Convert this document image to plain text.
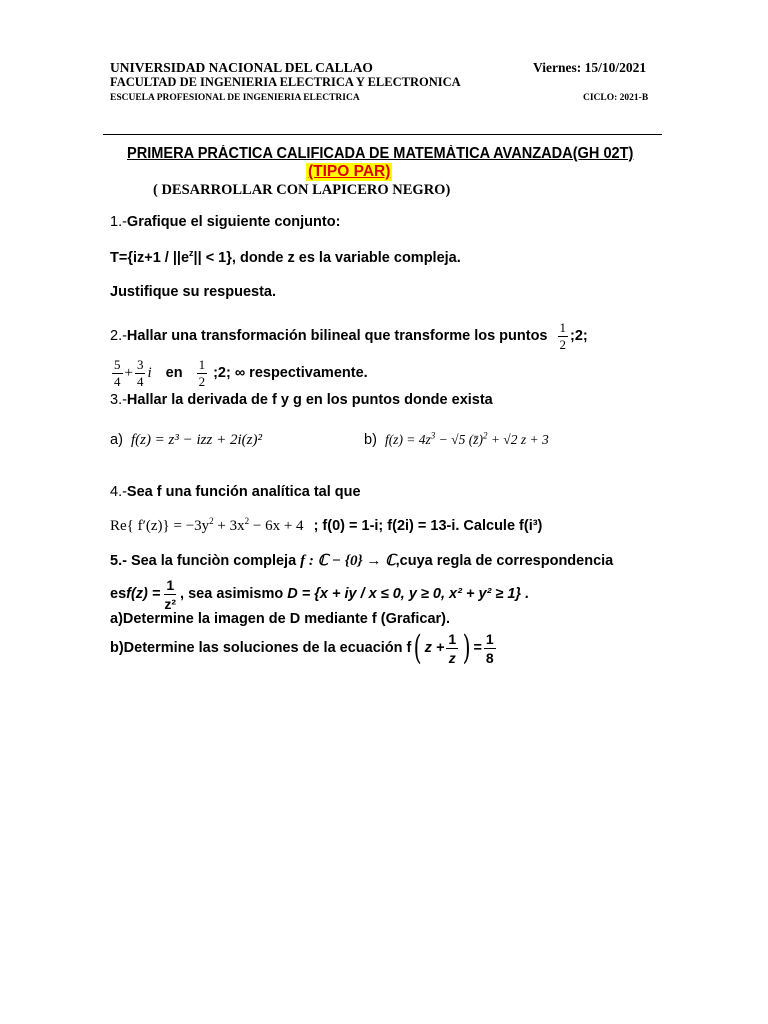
UNIVERSIDAD NACIONAL DEL CALLAO	Viernes: 15/10/2021
FACULTAD DE INGENIERIA ELECTRICA Y ELECTRONICA
ESCUELA PROFESIONAL DE INGENIERIA ELECTRICA	CICLO: 2021-B
PRIMERA PRÁCTICA CALIFICADA DE MATEMÀTICA AVANZADA(GH 02T)
(TIPO PAR)
( DESARROLLAR CON LAPICERO NEGRO)
1.-Grafique el siguiente conjunto:
$T=\{iz+1 / ||e^z|| < 1\}$, donde z es la variable compleja.
Justifique su respuesta.
2.- Hallar una transformación bilineal que transforme los puntos $\frac{1}{2}$ ;2;
$\frac{5}{4} + \frac{3}{4}$ i en $\frac{1}{2}$ ;2; ∞ respectivamente.
3.-Hallar la derivada de f y g en los puntos donde exista
a) f(z) = z³ − izz + 2i(z)²	b) $f(z) = 4z^3 - √5$ (z̄)$^2$ + √2 z + 3
4.-Sea f una función analítica tal que
Re{ $f'(z)\} = -3y^2 + 3x^2 - 6x + 4$ ; f(0) = 1-i; f(2i) = 13-i. Calcule f(i³)
5.- Sea la funciòn compleja f : ℂ − {0} → ℂ,cuya regla de correspondencia
es $f(z) = \frac{1}{\text{z²}}$ , sea asimismo D = {x + iy / x ≤ 0, y ≥ 0, x² + y² ≥ 1} .
a)Determine la imagen de D mediante f (Graficar).
b)Determine las soluciones de la ecuación f ( $z + \frac{1}{z}$ ) = $\frac{1}{8}$
